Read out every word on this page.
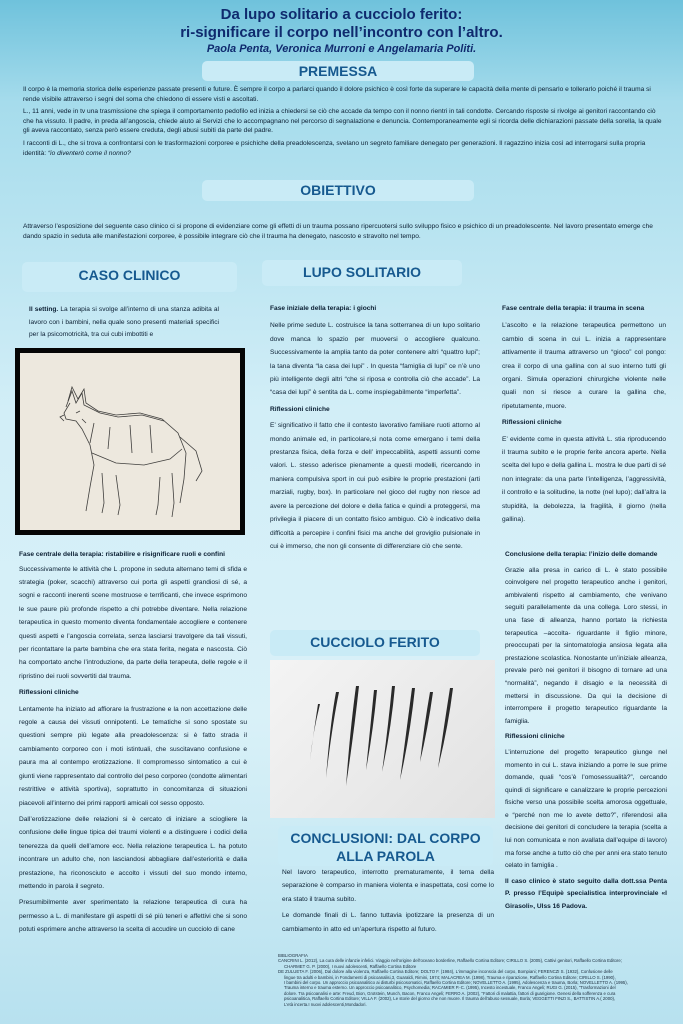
Da lupo solitario a cucciolo ferito:
ri-significare il corpo nell’incontro con l’altro.
Paola Penta, Veronica Murroni e Angelamaria Politi.
PREMESSA

Il corpo è la memoria storica delle esperienze passate presenti e future. È sempre il corpo a parlarci quando il dolore psichico è così forte da superare le capacità della mente di pensarlo e tollerarlo poiché il trauma si rende visibile attraverso i segni del soma che chiedono di essere visti e ascoltati.

L., 11 anni, vede in tv una trasmissione che spiega il comportamento pedofilo ed inizia a chiedersi se ciò che accade da tempo con il nonno rientri in tali condotte. Cercando risposte si rivolge ai genitori raccontando ciò che ha vissuto. Il padre, in preda all’angoscia, chiede aiuto ai Servizi che lo accompagnano nel percorso di segnalazione e denuncia. Contemporaneamente egli si ricorda delle dichiarazioni passate della sorella, la quale gli aveva raccontato, senza però essere creduta, degli abusi subiti da parte del padre.

I racconti di L., che si trova a confrontarsi con le trasformazioni corporee e psichiche della preadolescenza, svelano un segreto familiare denegato per generazioni. Il ragazzino inizia così ad interrogarsi sulla propria identità: “io diventerò come il nonno?

OBIETTIVO

Attraverso l’esposizione del seguente caso clinico ci si propone di evidenziare come gli effetti di un trauma possano ripercuotersi sullo sviluppo fisico e psichico di un preadolescente. Nel lavoro presentato emerge che dando spazio in seduta alle manifestazioni corporee, è possibile integrare ciò che il trauma ha denegato, nascosto e stravolto nel tempo.

CASO CLINICO	LUPO SOLITARIO
Il setting. La terapia si svolge all’interno di una stanza adibita al lavoro con i bambini, nella quale sono presenti materiali specifici per la psicomotricità, tra cui cubi imbottiti e

Fase centrale della terapia: ristabilire e risignificare ruoli e confini

Successivamente le attività che L .propone in seduta alternano temi di sfida e strategia (poker, scacchi) attraverso cui porta gli aspetti grandiosi di sé, a sogni e racconti inerenti scene mostruose e terrificanti, che invece esprimono le sue paure più profonde rispetto a chi potrebbe diventare. Nella relazione terapeutica in questo momento diventa fondamentale accogliere e contenere questi aspetti e l’angoscia correlata, senza lasciarsi travolgere da tali vissuti, per ricontattare la parte bambina che era stata ferita, negata e nascosta. Ciò ha comportato anche l’introduzione, da parte della terapeuta, delle regole e il ripristino dei ruoli sovvertiti dal trauma.

Riflessioni cliniche

Lentamente ha iniziato ad affiorare la frustrazione e la non accettazione delle regole a causa dei vissuti onnipotenti. Le tematiche si sono spostate su questioni sempre più legate alla preadolescenza: si è fatto strada il cambiamento corporeo con i moti istintuali, che suscitavano confusione e paura ma al contempo erotizzazione. Il compromesso sintomatico a cui è giunti viene rappresentato dal controllo del peso corporeo (condotte alimentari restrittive e attività sportiva), soprattutto in concomitanza di situazioni piacevoli all’interno dei primi rapporti amicali col sesso opposto.

Dall’erotizzazione delle relazioni si è cercato di iniziare a sciogliere la confusione delle lingue tipica dei traumi violenti e a distinguere i codici della tenerezza da quelli dell’amore ecc. Nella relazione terapeutica L. ha potuto incontrare un adulto che, non lasciandosi abbagliare dall’esteriorità e dalla prestazione, ha riconosciuto e accolto i vissuti del suo mondo interno, mettendo in parola il segreto.

Presumibilmente aver sperimentato la relazione terapeutica di cura ha permesso a L. di manifestare gli aspetti di sé più teneri e affettivi che si sono potuti esprimere anche attraverso la scelta di accudire un cucciolo di cane

Fase iniziale della terapia: i giochi

Nelle prime sedute L. costruisce la tana sotterranea di un lupo solitario dove manca lo spazio per muoversi o accogliere qualcuno. Successivamente la amplia tanto da poter contenere altri “quattro lupi”; la tana diventa “la casa dei lupi” . In questa “famiglia di lupi” ce n’è uno più intelligente degli altri “che si riposa e controlla ciò che accade”. La “casa dei lupi” è sentita da L. come inspiegabilmente “imperfetta”.

Riflessioni cliniche

E’ significativo il fatto che il contesto lavorativo familiare ruoti attorno al mondo animale ed, in particolare,si nota come emergano i temi della prestanza fisica, della forza e dell’ impeccabilità, aspetti assunti come valori. L. stesso aderisce pienamente a questi modelli, ricercando in maniera compulsiva sport in cui può esibire le proprie prestazioni (arti marziali, rugby, box). In particolare nel gioco del rugby non riesce ad avere la percezione del dolore e della fatica e quindi a proteggersi, ma privilegia il piacere di un contatto fisico ambiguo. Ciò è indicativo della difficoltà a percepire i confini fisici ma anche del groviglio pulsionale in cui è immerso, che non gli consente di differenziare ciò che sente.

Fase centrale della terapia: il trauma in scena

L’ascolto e la relazione terapeutica permettono un cambio di scena in cui L. inizia a rappresentare attivamente il trauma attraverso un “gioco” col pongo: crea il corpo di una gallina con al suo interno tutti gli organi. Simula operazioni chirurgiche violente nelle quali non si riesce a curare la gallina che, ripetutamente, muore.

Riflessioni cliniche

E’ evidente come in questa attività L. stia riproducendo il trauma subito e le proprie ferite ancora aperte. Nella scelta del lupo e della gallina L. mostra le due parti di sé non integrate: da una parte l’intelligenza, l’aggressività, il controllo e la solitudine, la notte (nel lupo); dall’altra la stupidità, la debolezza, la fragilità, il giorno (nella gallina).

Conclusione della terapia: l’inizio delle domande

Grazie alla presa in carico di L. è stato possibile coinvolgere nel progetto terapeutico anche i genitori, ambivalenti rispetto al cambiamento, che venivano seguiti parallelamente da una collega. Loro stessi, in una fase di alleanza, hanno portato la richiesta terapeutica –accolta- riguardante il figlio minore, preoccupati per la sintomatologia ansiosa legata alla prestazione scolastica. Nonostante un’iniziale alleanza, prevale però nei genitori il bisogno di tornare ad una “normalità”, negando il disagio e la necessità di mettersi in discussione. Da qui la decisione di interrompere il progetto terapeutico riguardante la famiglia.

Riflessioni cliniche

L’interruzione del progetto terapeutico giunge nel momento in cui L. stava iniziando a porre le sue prime domande, quali “cos’è l’omosessualità?”, cercando quindi di significare e canalizzare le proprie percezioni fisiche verso una possibile scelta amorosa oggettuale, e “perché non me lo avete detto?”, riferendosi alla decisione dei genitori di concludere la terapia (scelta a lui non comunicata e non avallata dall’equipe di lavoro) ma forse anche a tutto ciò che per anni era stato tenuto celato in famiglia .

Il caso clinico è stato seguito dalla dott.ssa Penta P. presso l’Equipè specialistica interprovinciale «I Girasoli», Ulss 16 Padova.

CUCCIOLO FERITO
CONCLUSIONI: DAL CORPO
ALLA PAROLA

Nel lavoro terapeutico, interrotto prematuramente, il tema della separazione è comparso in maniera violenta e inaspettata, così come lo era stato il trauma subito.

Le domande finali di L. fanno tuttavia ipotizzare la presenza di un cambiamento in atto ed un’apertura rispetto al futuro.

BIBLIOGRAFIA

CANCRINI L. (2012), La cura delle infanzie infelici. Viaggio nell’origine dell’oceano borderline, Raffaello Cortina Editore; CIRILLO S. (2005), Cattivi genitori, Raffaello Cortina Editore;

CHARMET G. P. (2000), I nuovi adolescenti, Raffaello Cortina Editore

DE ZULUETA F. (2006), Dal dolore alla violenza, Raffaello Cortina Editore; DOLTO F. (1984), L’immagine inconscia del corpo, Bompiani; FERENCZI S. (1932), Confusione delle

lingue tra adulti e bambini, in Fondamenti di psicoanalisi,3, Guaraldi, Rimini, 1974; MALACREA M. (1998), Trauma e riparazione, Raffaello Cortina Editore; CIRILLO S. (1990),

I bambini del corpo. Un approccio psicoanalitico ai disturbi psicosomatici, Raffaello Cortina Editore; NOVELLETTO A. (1995), Adolescenza e trauma, Borla; NOVELLETTO A. (1995),

Trauma interno e trauma esterno. Un approccio psicoanalitico, Psychomedia; RACAMIER P.-C. (1995), Incesto incestuale, Franco Angeli; RUGI G. (2015), “Trasformazioni del

dolore. Tra psicoanalisi e arte: Freud, Bion, Grotstein, Munch, Bacon, Franco Angeli; FERRO A. (2002), “Fattori di malattia, fattori di guarigione. Genesi della sofferenza e cura

psicoanalitica, Raffaello Cortina Editore; VILLA F. (2002), Le storie del giorno che non muore. Il trauma dell’abuso sessuale, Borla; VEGGETTI FINZI S., BATTISTIN A.( 2000),

L’età incerta.I nuovi adolescenti,Mondadori.
